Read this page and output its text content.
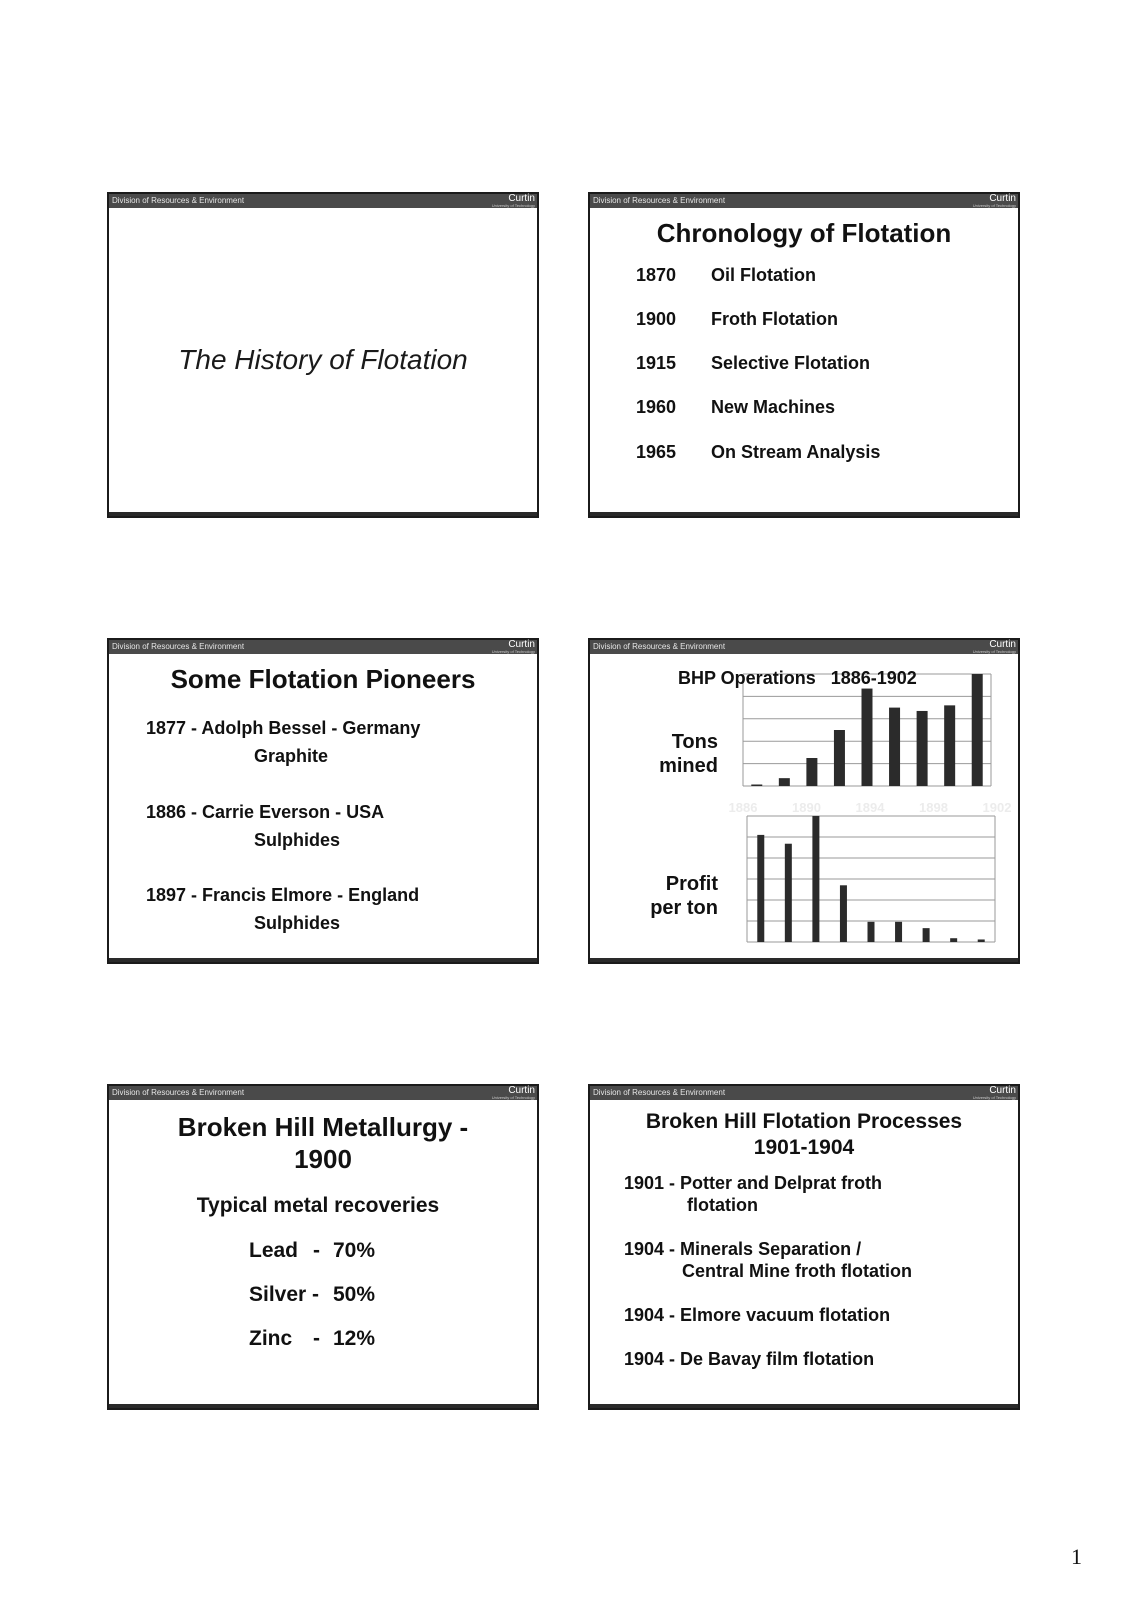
Division of Resources & Environment	Curtin
University of Technology
The History of Flotation
Division of Resources & Environment	Curtin
University of Technology
Chronology of Flotation
1870 Oil Flotation
1900 Froth Flotation
1915 Selective Flotation
1960 New Machines
1965 On Stream Analysis
Division of Resources & Environment	Curtin
University of Technology
Some Flotation Pioneers
1877 - Adolph Bessel - Germany
Graphite
1886 - Carrie Everson - USA
Sulphides
1897 - Francis Elmore - England
Sulphides
Division of Resources & Environment	Curtin
University of Technology
1886	1890	1894	1898	1902
BHP Operations   1886-1902
Tons mined
Profit per ton
Division of Resources & Environment	Curtin
University of Technology
Broken Hill Metallurgy -
1900
Typical metal recoveries
Lead - 70%
Silver - 50%
Zinc - 12%
Division of Resources & Environment	Curtin
University of Technology
Broken Hill Flotation Processes
1901-1904
1901 - Potter and Delprat froth
flotation
1904 - Minerals Separation /
Central Mine froth flotation
1904 - Elmore vacuum flotation
1904 - De Bavay film flotation
1
